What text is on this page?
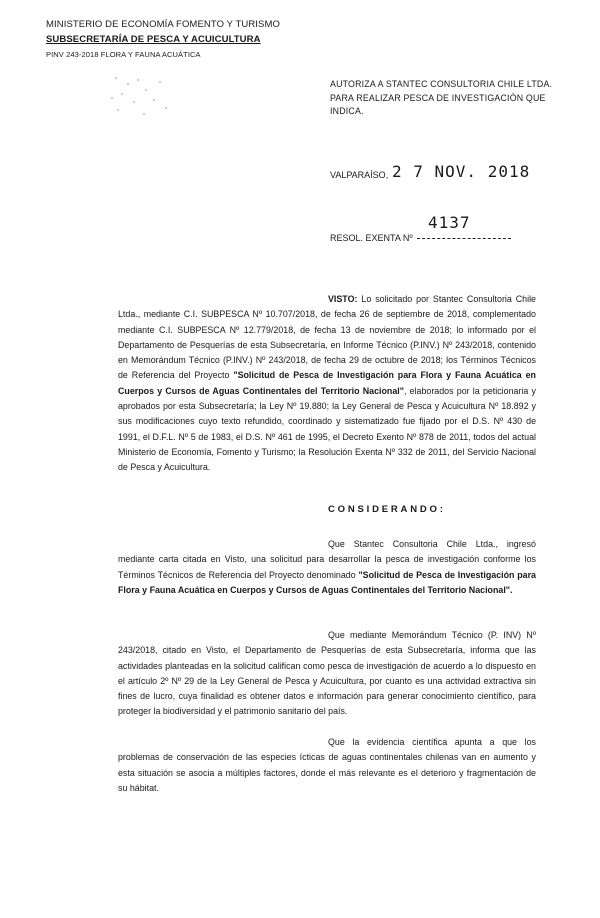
MINISTERIO DE ECONOMÍA FOMENTO Y TURISMO
SUBSECRETARÍA DE PESCA Y ACUICULTURA
PINV 243-2018 FLORA Y FAUNA ACUÁTICA
AUTORIZA A STANTEC CONSULTORIA CHILE LTDA. PARA REALIZAR PESCA DE INVESTIGACIÓN QUE INDICA.
VALPARAÍSO, 2 7 NOV. 2018
RESOL. EXENTA Nº
4137

VISTO: Lo solicitado por Stantec Consultoria Chile Ltda., mediante C.I. SUBPESCA Nº 10.707/2018, de fecha 26 de septiembre de 2018, complementado mediante C.I. SUBPESCA Nº 12.779/2018, de fecha 13 de noviembre de 2018; lo informado por el Departamento de Pesquerías de esta Subsecretaría, en Informe Técnico (P.INV.) Nº 243/2018, contenido en Memorándum Técnico (P.INV.) Nº 243/2018, de fecha 29 de octubre de 2018; los Términos Técnicos de Referencia del Proyecto "Solicitud de Pesca de Investigación para Flora y Fauna Acuática en Cuerpos y Cursos de Aguas Continentales del Territorio Nacional", elaborados por la peticionaria y aprobados por esta Subsecretaría; la Ley Nº 19.880; la Ley General de Pesca y Acuicultura Nº 18.892 y sus modificaciones cuyo texto refundido, coordinado y sistematizado fue fijado por el D.S. Nº 430 de 1991, el D.F.L. Nº 5 de 1983, el D.S. Nº 461 de 1995, el Decreto Exento Nº 878 de 2011, todos del actual Ministerio de Economía, Fomento y Turismo; la Resolución Exenta Nº 332 de 2011, del Servicio Nacional de Pesca y Acuicultura.

CONSIDERANDO:

Que Stantec Consultoria Chile Ltda., ingresó mediante carta citada en Visto, una solicitud para desarrollar la pesca de investigación conforme los Términos Técnicos de Referencia del Proyecto denominado "Solicitud de Pesca de Investigación para Flora y Fauna Acuática en Cuerpos y Cursos de Aguas Continentales del Territorio Nacional".

Que mediante Memorándum Técnico (P. INV) Nº 243/2018, citado en Visto, el Departamento de Pesquerías de esta Subsecretaría, informa que las actividades planteadas en la solicitud califican como pesca de investigación de acuerdo a lo dispuesto en el artículo 2º Nº 29 de la Ley General de Pesca y Acuicultura, por cuanto es una actividad extractiva sin fines de lucro, cuya finalidad es obtener datos e información para generar conocimiento científico, para proteger la biodiversidad y el patrimonio sanitario del país.

Que la evidencia científica apunta a que los problemas de conservación de las especies ícticas de aguas continentales chilenas van en aumento y esta situación se asocia a múltiples factores, donde el más relevante es el deterioro y fragmentación de su hábitat.
